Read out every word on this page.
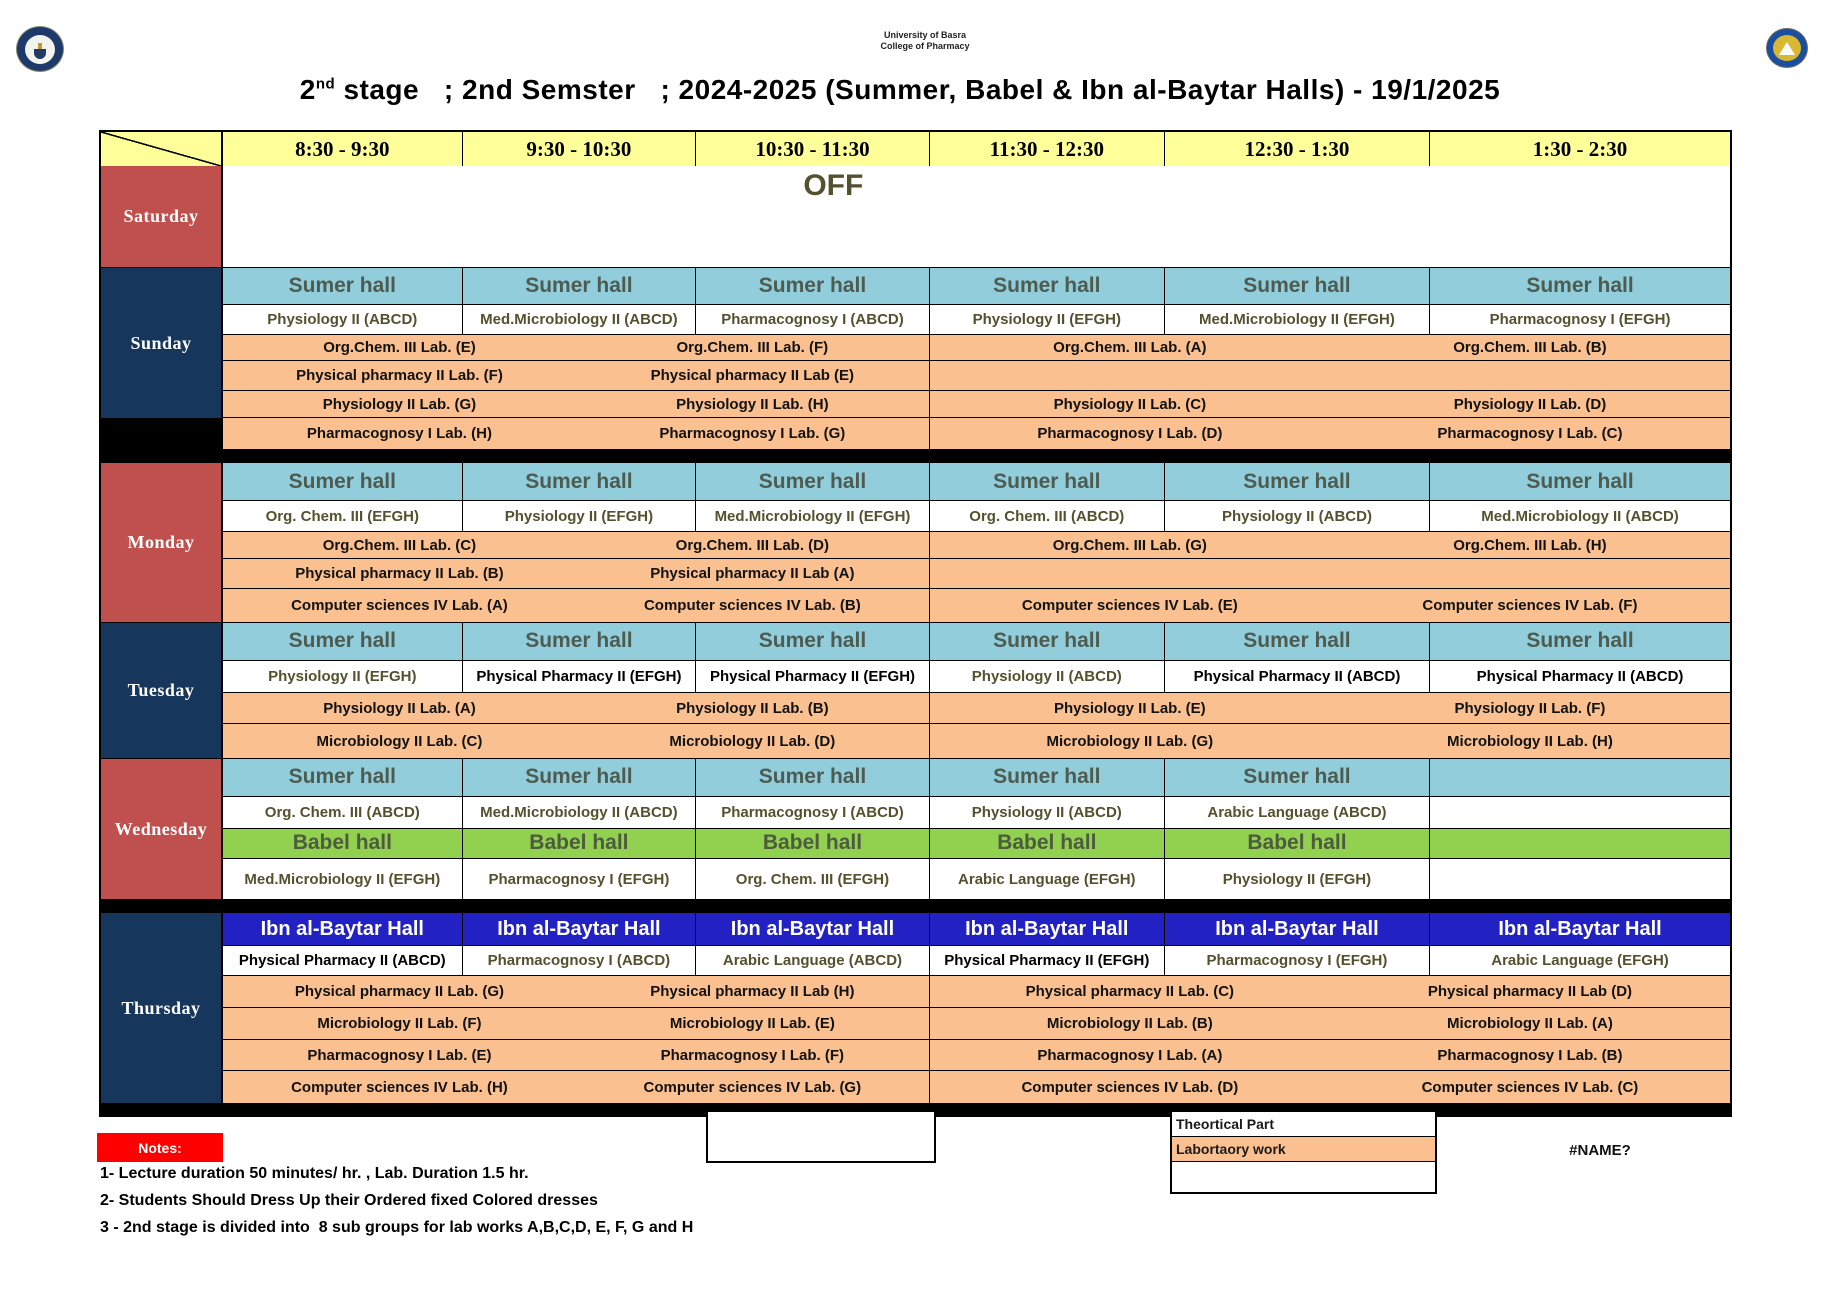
University of Basra
College of Pharmacy
2nd stage   ; 2nd Semster   ; 2024-2025 (Summer, Babel & Ibn al-Baytar Halls) - 19/1/2025
8:30 - 9:30	9:30 - 10:30	10:30 - 11:30	11:30 - 12:30	12:30 - 1:30	1:30 - 2:30
Saturday
OFF
Sunday
Sumer hall	Sumer hall	Sumer hall	Sumer hall	Sumer hall	Sumer hall
Physiology II (ABCD)	Med.Microbiology II (ABCD)	Pharmacognosy I (ABCD)	Physiology II (EFGH)	Med.Microbiology II (EFGH)	Pharmacognosy I (EFGH)
Org.Chem. III Lab. (E)	Org.Chem. III Lab. (F)	Org.Chem. III Lab. (A)	Org.Chem. III Lab. (B)
Physical pharmacy II Lab. (F)	Physical pharmacy II Lab (E)
Physiology II Lab. (G)	Physiology II Lab. (H)	Physiology II Lab. (C)	Physiology II Lab. (D)
Pharmacognosy I Lab. (H)	Pharmacognosy I Lab. (G)	Pharmacognosy I Lab. (D)	Pharmacognosy I Lab. (C)
Monday
Sumer hall	Sumer hall	Sumer hall	Sumer hall	Sumer hall	Sumer hall
Org. Chem. III (EFGH)	Physiology II (EFGH)	Med.Microbiology II (EFGH)	Org. Chem. III (ABCD)	Physiology II (ABCD)	Med.Microbiology II (ABCD)
Org.Chem. III Lab. (C)	Org.Chem. III Lab. (D)	Org.Chem. III Lab. (G)	Org.Chem. III Lab. (H)
Physical pharmacy II Lab. (B)	Physical pharmacy II Lab (A)
Computer sciences IV Lab. (A)	Computer sciences IV Lab. (B)	Computer sciences IV Lab. (E)	Computer sciences IV Lab. (F)
Tuesday
Sumer hall	Sumer hall	Sumer hall	Sumer hall	Sumer hall	Sumer hall
Physiology II (EFGH)	Physical Pharmacy II (EFGH)	Physical Pharmacy II (EFGH)	Physiology II (ABCD)	Physical Pharmacy II (ABCD)	Physical Pharmacy II (ABCD)
Physiology II Lab. (A)	Physiology II Lab. (B)	Physiology II Lab. (E)	Physiology II Lab. (F)
Microbiology II Lab. (C)	Microbiology II Lab. (D)	Microbiology II Lab. (G)	Microbiology II Lab. (H)
Wednesday
Sumer hall	Sumer hall	Sumer hall	Sumer hall	Sumer hall
Org. Chem. III (ABCD)	Med.Microbiology II (ABCD)	Pharmacognosy I (ABCD)	Physiology II (ABCD)	Arabic Language (ABCD)
Babel hall	Babel hall	Babel hall	Babel hall	Babel hall
Med.Microbiology II (EFGH)	Pharmacognosy I (EFGH)	Org. Chem. III (EFGH)	Arabic Language (EFGH)	Physiology II (EFGH)
Thursday
Ibn al-Baytar Hall	Ibn al-Baytar Hall	Ibn al-Baytar Hall	Ibn al-Baytar Hall	Ibn al-Baytar Hall	Ibn al-Baytar Hall
Physical Pharmacy II (ABCD)	Pharmacognosy I (ABCD)	Arabic Language (ABCD)	Physical Pharmacy II (EFGH)	Pharmacognosy I (EFGH)	Arabic Language (EFGH)
Physical pharmacy II Lab. (G)	Physical pharmacy II Lab (H)	Physical pharmacy II Lab. (C)	Physical pharmacy II Lab (D)
Microbiology II Lab. (F)	Microbiology II Lab. (E)	Microbiology II Lab. (B)	Microbiology II Lab. (A)
Pharmacognosy I Lab. (E)	Pharmacognosy I Lab. (F)	Pharmacognosy I Lab. (A)	Pharmacognosy I Lab. (B)
Computer sciences IV Lab. (H)	Computer sciences IV Lab. (G)	Computer sciences IV Lab. (D)	Computer sciences IV Lab. (C)
Theortical Part
Labortaory work	#NAME?
Notes:
1- Lecture duration 50 minutes/ hr. , Lab. Duration 1.5 hr.
2- Students Should Dress Up their Ordered fixed Colored dresses
3 - 2nd stage is divided into  8 sub groups for lab works A,B,C,D, E, F, G and H
